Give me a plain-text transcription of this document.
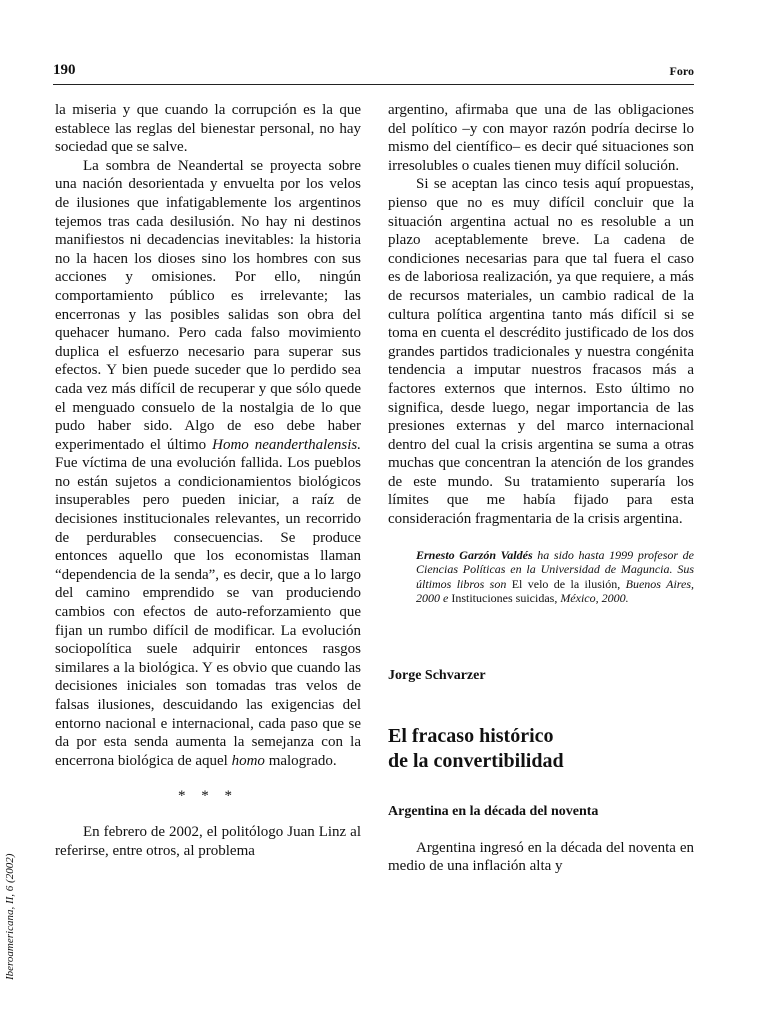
190	Foro

la miseria y que cuando la corrupción es la que establece las reglas del bienestar personal, no hay sociedad que se salve.

La sombra de Neandertal se proyecta sobre una nación desorientada y envuelta por los velos de ilusiones que infatigablemente los argentinos tejemos tras cada desilusión. No hay ni destinos manifiestos ni decadencias inevitables: la historia no la hacen los dioses sino los hombres con sus acciones y omisiones. Por ello, ningún comportamiento público es irrelevante; las encerronas y las posibles salidas son obra del quehacer humano. Pero cada falso movimiento duplica el esfuerzo necesario para superar sus efectos. Y bien puede suceder que lo perdido sea cada vez más difícil de recuperar y que sólo quede el menguado consuelo de la nostalgia de lo que pudo haber sido. Algo de eso debe haber experimentado el último Homo neanderthalensis. Fue víctima de una evolución fallida. Los pueblos no están sujetos a condicionamientos biológicos insuperables pero pueden iniciar, a raíz de decisiones institucionales relevantes, un recorrido de perdurables consecuencias. Se produce entonces aquello que los economistas llaman “dependencia de la senda”, es decir, que a lo largo del camino emprendido se van produciendo cambios con efectos de auto-reforzamiento que fijan un rumbo difícil de modificar. La evolución sociopolítica suele adquirir entonces rasgos similares a la biológica. Y es obvio que cuando las decisiones iniciales son tomadas tras velos de falsas ilusiones, descuidando las exigencias del entorno nacional e internacional, cada paso que se da por esta senda aumenta la semejanza con la encerrona biológica de aquel homo malogrado.

* * *

En febrero de 2002, el politólogo Juan Linz al referirse, entre otros, al problema

argentino, afirmaba que una de las obligaciones del político –y con mayor razón podría decirse lo mismo del científico– es decir qué situaciones son irresolubles o cuales tienen muy difícil solución.

Si se aceptan las cinco tesis aquí propuestas, pienso que no es muy difícil concluir que la situación argentina actual no es resoluble a un plazo aceptablemente breve. La cadena de condiciones necesarias para que tal fuera el caso es de laboriosa realización, ya que requiere, a más de recursos materiales, un cambio radical de la cultura política argentina tanto más difícil si se toma en cuenta el descrédito justificado de los dos grandes partidos tradicionales y nuestra congénita tendencia a imputar nuestros fracasos más a factores externos que internos. Esto último no significa, desde luego, negar importancia de las presiones externas y del marco internacional dentro del cual la crisis argentina se suma a otras muchas que concentran la atención de los grandes de este mundo. Su tratamiento superaría los límites que me había fijado para esta consideración fragmentaria de la crisis argentina.

Ernesto Garzón Valdés ha sido hasta 1999 profesor de Ciencias Políticas en la Universidad de Maguncia. Sus últimos libros son El velo de la ilusión, Buenos Aires, 2000 e Instituciones suicidas, México, 2000.
Jorge Schvarzer
El fracaso histórico
de la convertibilidad
Argentina en la década del noventa

Argentina ingresó en la década del noventa en medio de una inflación alta y

Iberoamericana, II, 6 (2002)
